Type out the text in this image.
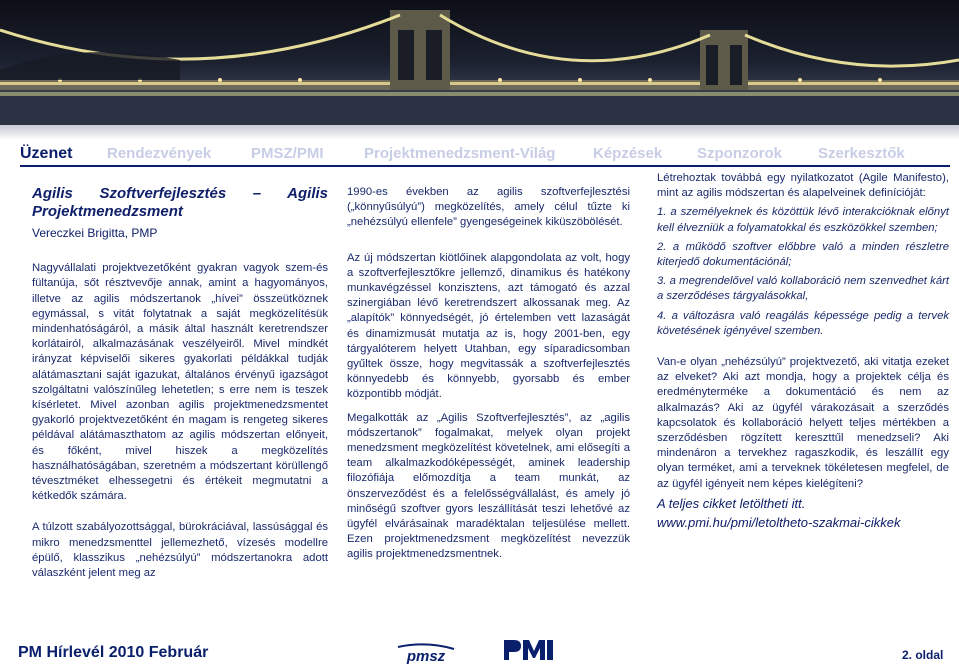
Üzenet Rendezvények	PMSZ/PMI	Projektmenedzsment-Világ	Képzések Szponzorok Szerkesztők

Agilis Szoftverfejlesztés – Agilis Projektmenedzsment

Vereczkei Brigitta, PMP

Nagyvállalati projektvezetőként gyakran vagyok szem-és fültanúja, sőt résztvevője annak, amint a hagyományos, illetve az agilis módszertanok „hívei” összeütköznek egymással, s vitát folytatnak a saját megközelítésük mindenhatóságáról, a másik által használt keretrendszer korlátairól, alkalmazásának veszélyeiről. Mivel mindkét irányzat képviselői sikeres gyakorlati példákkal tudják alátámasztani saját igazukat, általános érvényű igazságot szolgáltatni valószínűleg lehetetlen; s erre nem is teszek kísérletet. Mivel azonban agilis projektmenedzsmentet gyakorló projektvezetőként én magam is rengeteg sikeres példával alátámaszthatom az agilis módszertan előnyeit, és főként, mivel hiszek a megközelítés használhatóságában, szeretném a módszertant körüllengő tévesztméket elhessegetni és értékeit megmutatni a kétkedők számára.

A túlzott szabályozottsággal, bürokráciával, lassúsággal és mikro menedzsmenttel jellemezhető, vízesés modellre épülő, klasszikus „nehézsúlyú” módszertanokra adott válaszként jelent meg az

1990-es években az agilis szoftverfejlesztési („könnyűsúlyú”) megközelítés, amely célul tűzte ki „nehézsúlyú ellenfele” gyengeségeinek kiküszöbölését.

Az új módszertan kiötlőinek alapgondolata az volt, hogy a szoftverfejlesztőkre jellemző, dinamikus és hatékony munkavégzéssel konzisztens, azt támogató és azzal szinergiában lévő keretrendszert alkossanak meg. Az „alapítók” könnyedségét, jó értelemben vett lazaságát és dinamizmusát mutatja az is, hogy 2001-ben, egy tárgyalóterem helyett Utahban, egy síparadicsomban gyűltek össze, hogy megvitassák a szoftverfejlesztés könnyedebb és könnyebb, gyorsabb és ember központibb módját.

Megalkották az „Agilis Szoftverfejlesztés”, az „agilis módszertanok” fogalmakat, melyek olyan projekt menedzsment megközelítést követelnek, ami elősegíti a team alkalmazkodóképességét, aminek leadership filozófiája előmozdítja a team munkát, az önszerveződést és a felelősségvállalást, és amely jó minőségű szoftver gyors leszállítását teszi lehetővé az ügyfél elvárásainak maradéktalan teljesülése mellett. Ezen projektmenedzsment megközelítést nevezzük agilis projektmenedzsmentnek.

Létrehoztak továbbá egy nyilatkozatot (Agile Manifesto), mint az agilis módszertan és alapelveinek definícióját:

1. a személyeknek és közöttük lévő interakcióknak előnyt kell élvezniük a folyamatokkal és eszközökkel szemben;

2. a működő szoftver előbbre való a minden részletre kiterjedő dokumentációnál;

3. a megrendelővel való kollaboráció nem szenvedhet kárt a szerződéses tárgyalásokkal,

4. a változásra való reagálás képessége pedig a tervek követésének igényével szemben.

Van-e olyan „nehézsúlyú” projektvezető, aki vitatja ezeket az elveket? Aki azt mondja, hogy a projektek célja és eredményterméke a dokumentáció és nem az alkalmazás? Aki az ügyfél várakozásait a szerződés kapcsolatok és kollaboráció helyett teljes mértékben a szerződésben rögzített kereszttűl menedzseli? Aki mindenáron a tervekhez ragaszkodik, és leszállít egy olyan terméket, ami a terveknek tökéletesen megfelel, de az ügyfél igényeit nem képes kielégíteni?

A teljes cikket letöltheti itt.
www.pmi.hu/pmi/letoltheto-szakmai-cikkek
PM Hírlevél 2010 Február	pmsz	2. oldal
